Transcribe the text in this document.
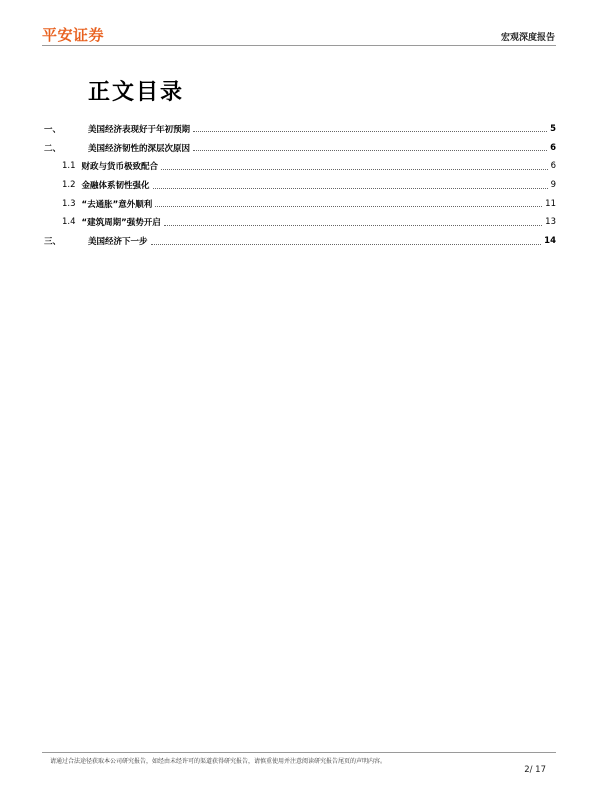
平安证券	宏观深度报告
正文目录
一、	美国经济表现好于年初预期	5
二、	美国经济韧性的深层次原因	6
1.1 财政与货币极致配合	6
1.2 金融体系韧性强化	9
1.3 “去通胀”意外顺利	11
1.4 “建筑周期”强势开启	13
三、	美国经济下一步	14
请通过合法途径获取本公司研究报告，如经由未经许可的渠道获得研究报告，请慎重使用并注意阅读研究报告尾页的声明内容。
2/ 17
